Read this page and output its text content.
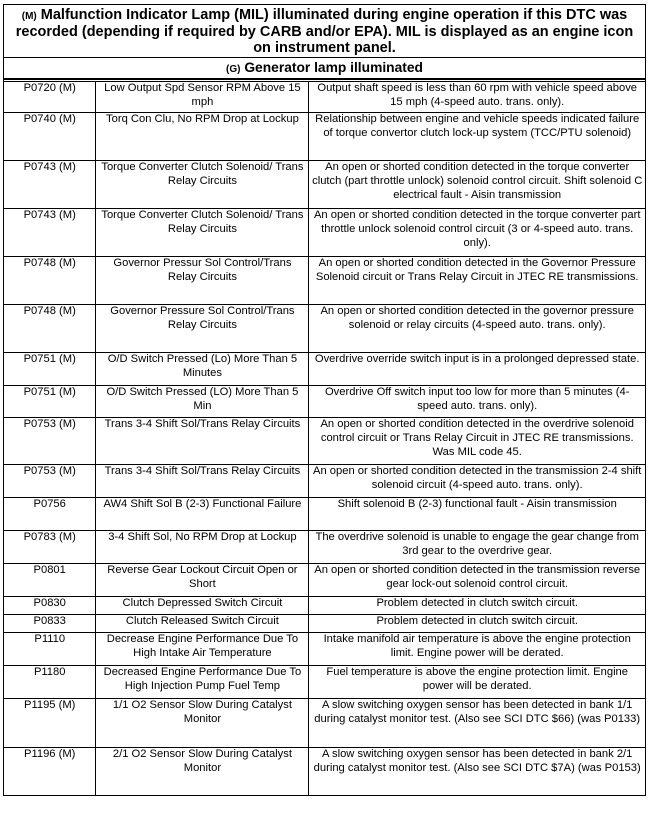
(M) Malfunction Indicator Lamp (MIL) illuminated during engine operation if this DTC was recorded (depending if required by CARB and/or EPA). MIL is displayed as an engine icon on instrument panel.		
(G) Generator lamp illuminated		

P0720 (M)	Low Output Spd Sensor RPM Above 15 mph	Output shaft speed is less than 60 rpm with vehicle speed above 15 mph (4-speed auto. trans. only).
P0740 (M)	Torq Con Clu, No RPM Drop at Lockup	Relationship between engine and vehicle speeds indicated failure of torque convertor clutch lock-up system (TCC/PTU solenoid)
P0743 (M)	Torque Converter Clutch Solenoid/ Trans Relay Circuits	An open or shorted condition detected in the torque converter clutch (part throttle unlock) solenoid control circuit. Shift solenoid C electrical fault - Aisin transmission
P0743 (M)	Torque Converter Clutch Solenoid/ Trans Relay Circuits	An open or shorted condition detected in the torque converter part throttle unlock solenoid control circuit (3 or 4-speed auto. trans. only).
P0748 (M)	Governor Pressur Sol Control/Trans Relay Circuits	An open or shorted condition detected in the Governor Pressure Solenoid circuit or Trans Relay Circuit in JTEC RE transmissions.
P0748 (M)	Governor Pressure Sol Control/Trans Relay Circuits	An open or shorted condition detected in the governor pressure solenoid or relay circuits (4-speed auto. trans. only).
P0751 (M)	O/D Switch Pressed (Lo) More Than 5 Minutes	Overdrive override switch input is in a prolonged depressed state.
P0751 (M)	O/D Switch Pressed (LO) More Than 5 Min	Overdrive Off switch input too low for more than 5 minutes (4-speed auto. trans. only).
P0753 (M)	Trans 3-4 Shift Sol/Trans Relay Circuits	An open or shorted condition detected in the overdrive solenoid control circuit or Trans Relay Circuit in JTEC RE transmissions. Was MIL code 45.
P0753 (M)	Trans 3-4 Shift Sol/Trans Relay Circuits	An open or shorted condition detected in the transmission 2-4 shift solenoid circuit (4-speed auto. trans. only).
P0756	AW4 Shift Sol B (2-3) Functional Failure	Shift solenoid B (2-3) functional fault - Aisin transmission
P0783 (M)	3-4 Shift Sol, No RPM Drop at Lockup	The overdrive solenoid is unable to engage the gear change from 3rd gear to the overdrive gear.
P0801	Reverse Gear Lockout Circuit Open or Short	An open or shorted condition detected in the transmission reverse gear lock-out solenoid control circuit.
P0830	Clutch Depressed Switch Circuit	Problem detected in clutch switch circuit.
P0833	Clutch Released Switch Circuit	Problem detected in clutch switch circuit.
P1110	Decrease Engine Performance Due To High Intake Air Temperature	Intake manifold air temperature is above the engine protection limit. Engine power will be derated.
P1180	Decreased Engine Performance Due To High Injection Pump Fuel Temp	Fuel temperature is above the engine protection limit. Engine power will be derated.
P1195 (M)	1/1 O2 Sensor Slow During Catalyst Monitor	A slow switching oxygen sensor has been detected in bank 1/1 during catalyst monitor test. (Also see SCI DTC $66) (was P0133)
P1196 (M)	2/1 O2 Sensor Slow During Catalyst Monitor	A slow switching oxygen sensor has been detected in bank 2/1 during catalyst monitor test. (Also see SCI DTC $7A) (was P0153)
